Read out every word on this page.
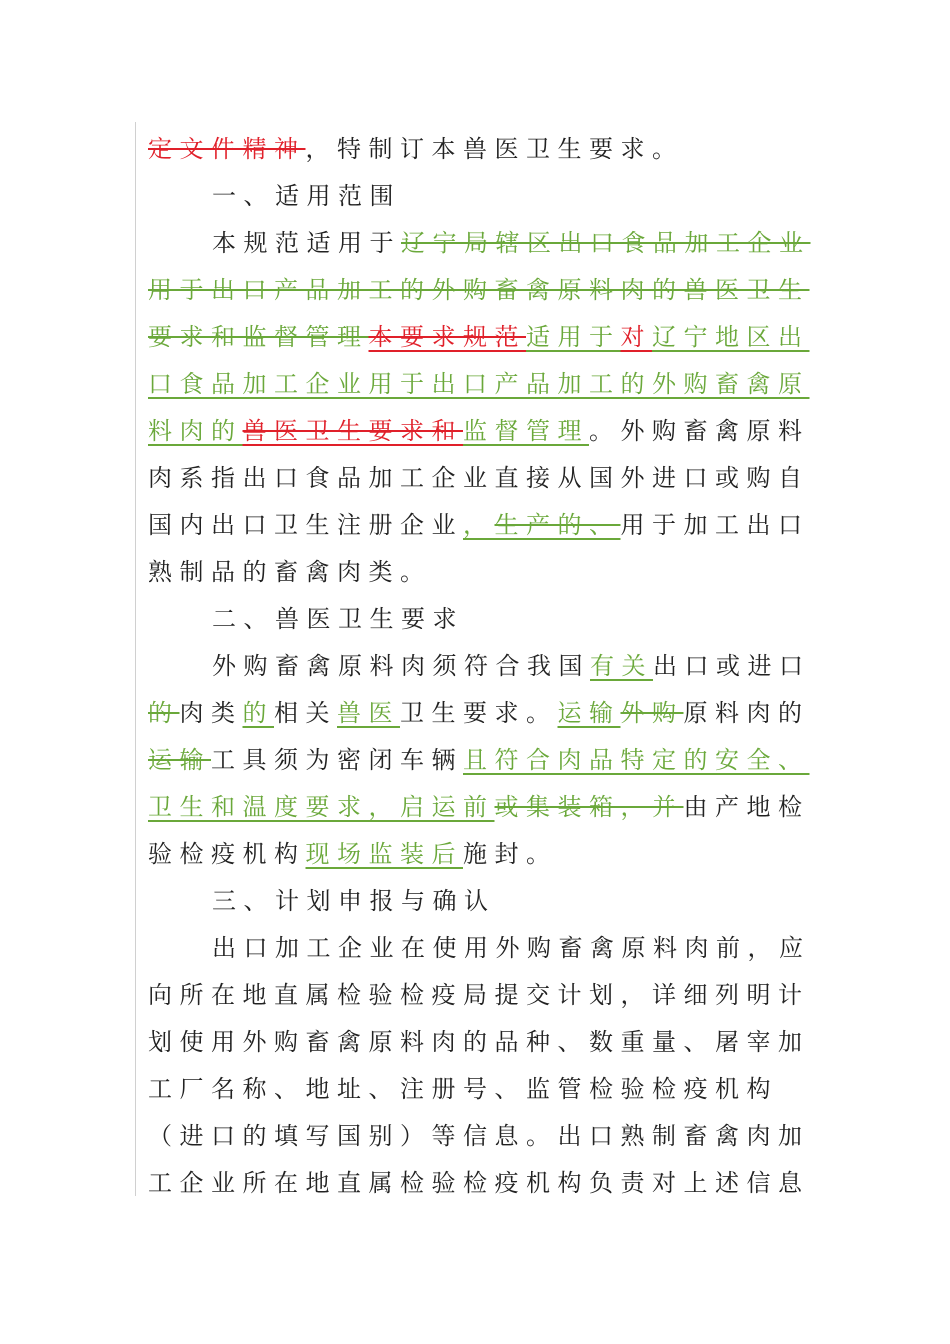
定文件精神，特制订本兽医卫生要求。
一、适用范围
本规范适用于辽宁局辖区出口食品加工企业
用于出口产品加工的外购畜禽原料肉的兽医卫生
要求和监督管理本要求规范适用于对辽宁地区出
口食品加工企业用于出口产品加工的外购畜禽原
料肉的兽医卫生要求和监督管理。外购畜禽原料
肉系指出口食品加工企业直接从国外进口或购自
国内出口卫生注册企业，生产的、用于加工出口
熟制品的畜禽肉类。
二、兽医卫生要求
外购畜禽原料肉须符合我国有关出口或进口
的肉类的相关兽医卫生要求。运输外购原料肉的
运输工具须为密闭车辆且符合肉品特定的安全、
卫生和温度要求，启运前或集装箱，并由产地检
验检疫机构现场监装后施封。
三、计划申报与确认
出口加工企业在使用外购畜禽原料肉前，应
向所在地直属检验检疫局提交计划，详细列明计
划使用外购畜禽原料肉的品种、数重量、屠宰加
工厂名称、地址、注册号、监管检验检疫机构
（进口的填写国别）等信息。出口熟制畜禽肉加
工企业所在地直属检验检疫机构负责对上述信息
